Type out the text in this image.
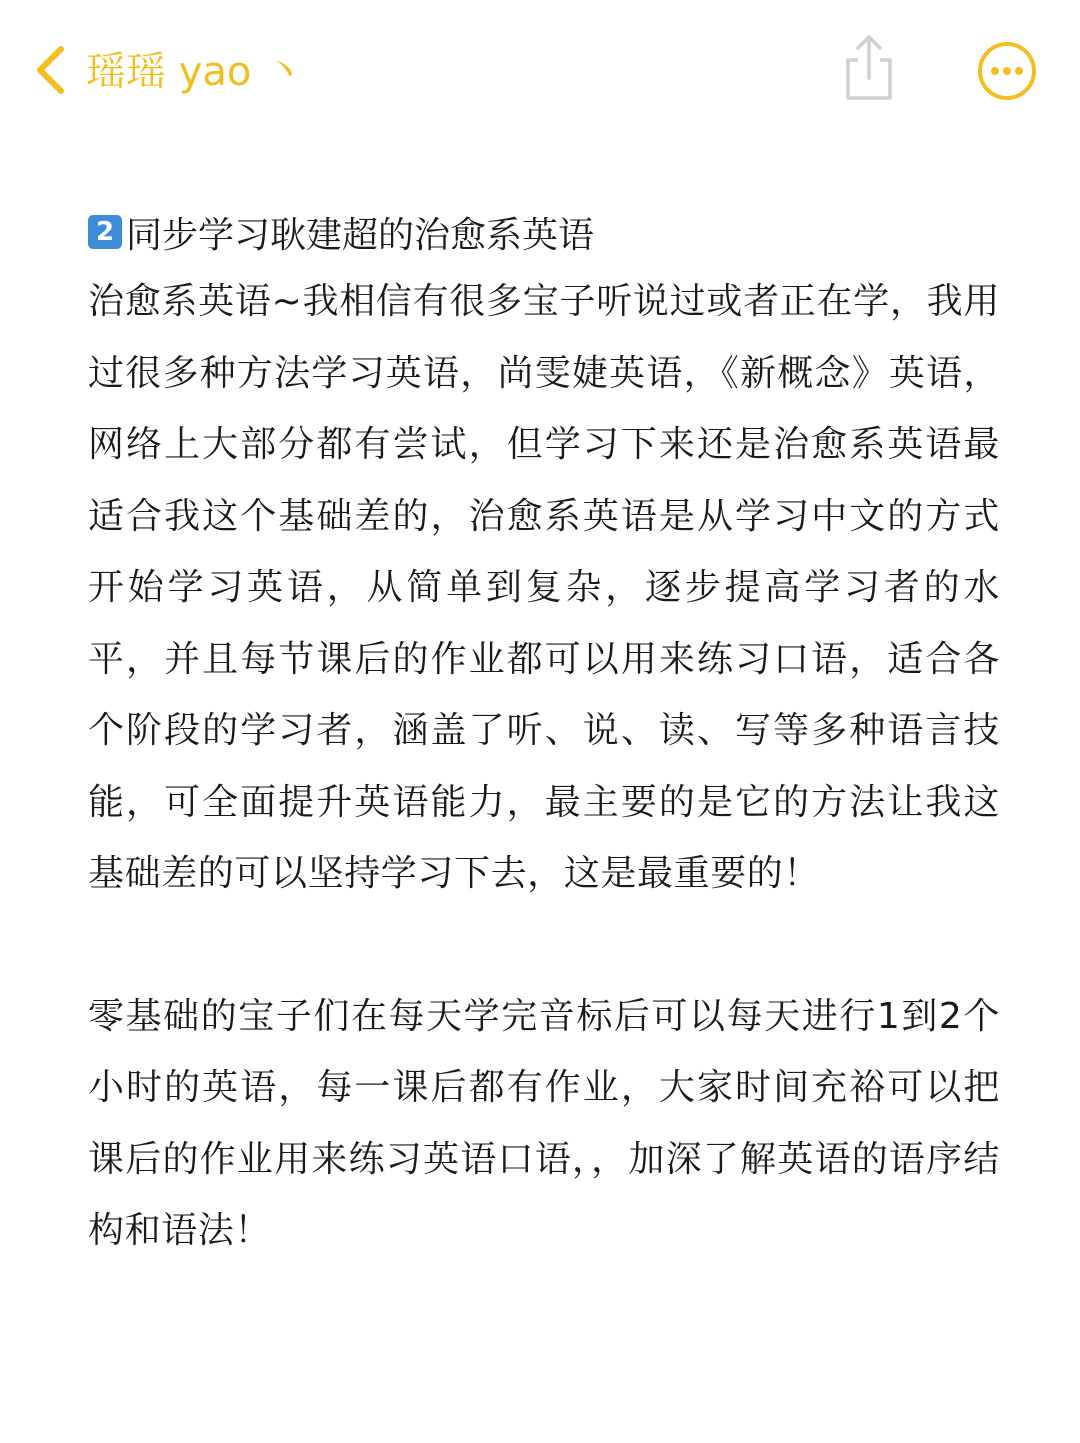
瑶瑶 yao 丶
2 同步学习耿建超的治愈系英语

治愈系英语~我相信有很多宝子听说过或者正在学，我用过很多种方法学习英语，尚雯婕英语，《新概念》英语，网络上大部分都有尝试，但学习下来还是治愈系英语最适合我这个基础差的，治愈系英语是从学习中文的方式开始学习英语，从简单到复杂，逐步提高学习者的水平，并且每节课后的作业都可以用来练习口语，适合各个阶段的学习者，涵盖了听、说、读、写等多种语言技能，可全面提升英语能力，最主要的是它的方法让我这基础差的可以坚持学习下去，这是最重要的！

零基础的宝子们在每天学完音标后可以每天进行1到2个小时的英语，每一课后都有作业，大家时间充裕可以把课后的作业用来练习英语口语，，加深了解英语的语序结构和语法！
